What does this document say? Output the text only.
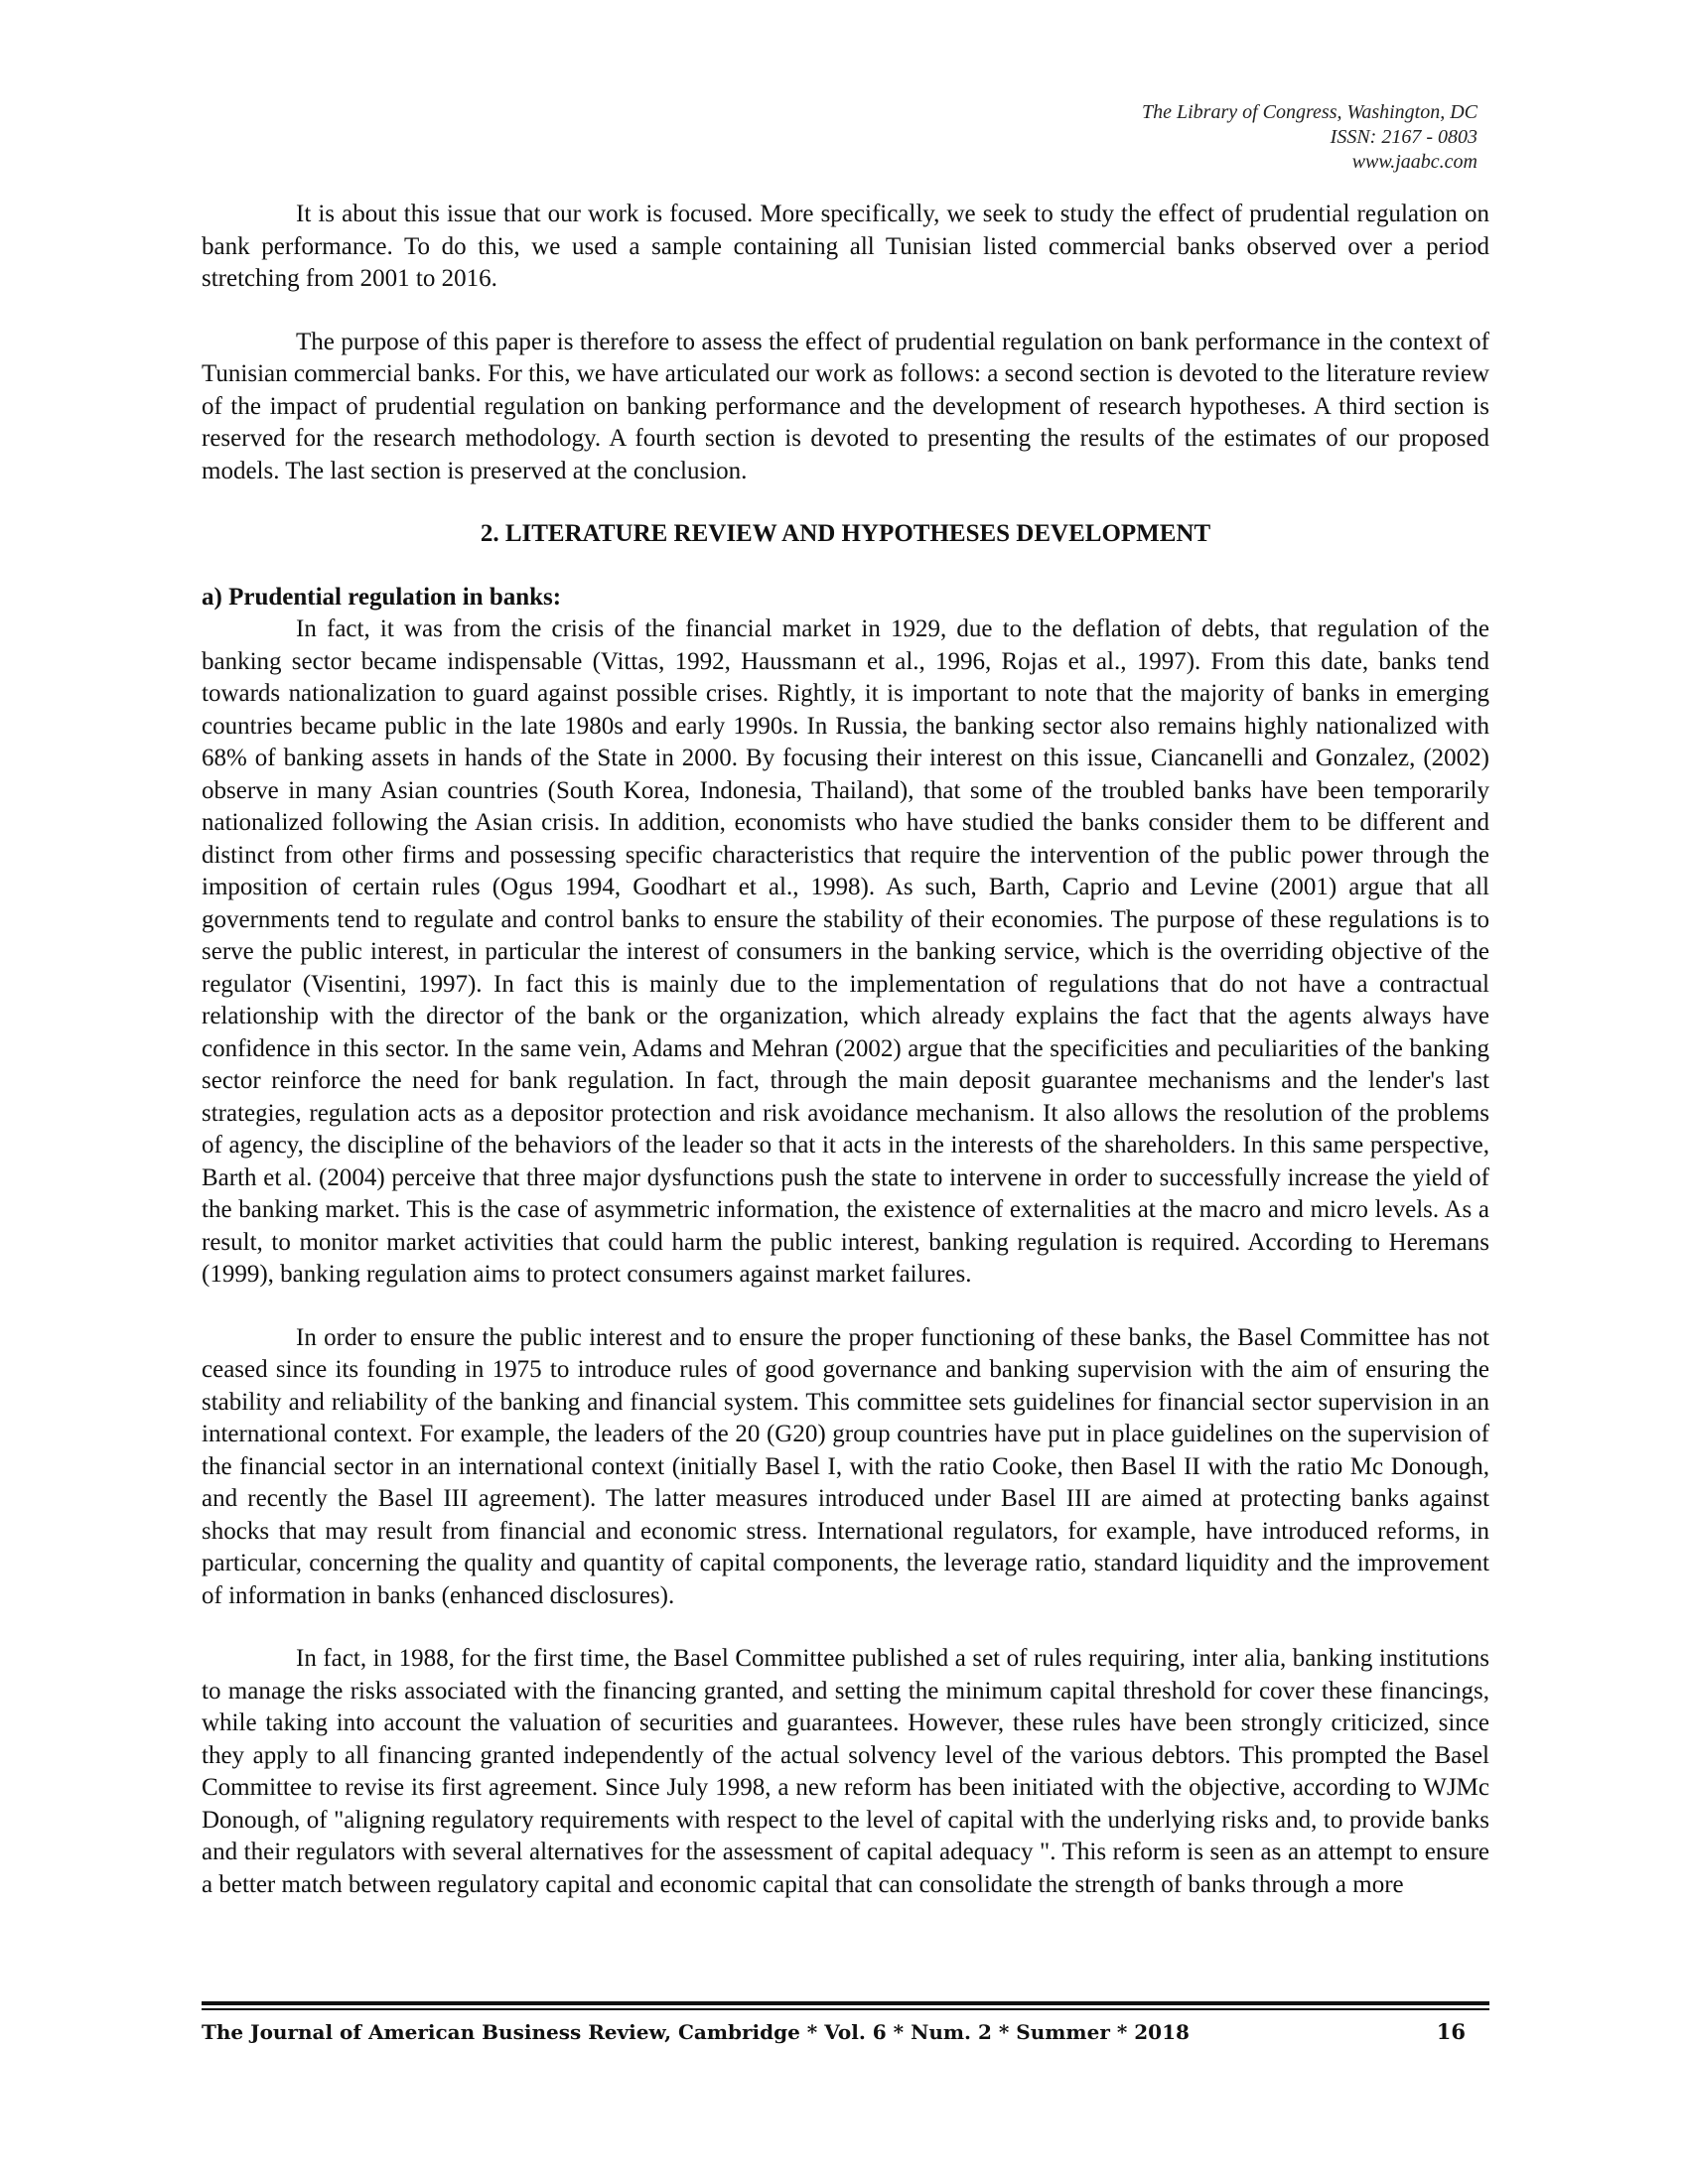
The Library of Congress, Washington, DC
ISSN: 2167 - 0803
www.jaabc.com

It is about this issue that our work is focused. More specifically, we seek to study the effect of prudential regulation on bank performance. To do this, we used a sample containing all Tunisian listed commercial banks observed over a period stretching from 2001 to 2016.

The purpose of this paper is therefore to assess the effect of prudential regulation on bank performance in the context of Tunisian commercial banks. For this, we have articulated our work as follows: a second section is devoted to the literature review of the impact of prudential regulation on banking performance and the development of research hypotheses. A third section is reserved for the research methodology. A fourth section is devoted to presenting the results of the estimates of our proposed models. The last section is preserved at the conclusion.

2. LITERATURE REVIEW AND HYPOTHESES DEVELOPMENT

a) Prudential regulation in banks:

In fact, it was from the crisis of the financial market in 1929, due to the deflation of debts, that regulation of the banking sector became indispensable (Vittas, 1992, Haussmann et al., 1996, Rojas et al., 1997). From this date, banks tend towards nationalization to guard against possible crises. Rightly, it is important to note that the majority of banks in emerging countries became public in the late 1980s and early 1990s. In Russia, the banking sector also remains highly nationalized with 68% of banking assets in hands of the State in 2000. By focusing their interest on this issue, Ciancanelli and Gonzalez, (2002) observe in many Asian countries (South Korea, Indonesia, Thailand), that some of the troubled banks have been temporarily nationalized following the Asian crisis. In addition, economists who have studied the banks consider them to be different and distinct from other firms and possessing specific characteristics that require the intervention of the public power through the imposition of certain rules (Ogus 1994, Goodhart et al., 1998). As such, Barth, Caprio and Levine (2001) argue that all governments tend to regulate and control banks to ensure the stability of their economies. The purpose of these regulations is to serve the public interest, in particular the interest of consumers in the banking service, which is the overriding objective of the regulator (Visentini, 1997). In fact this is mainly due to the implementation of regulations that do not have a contractual relationship with the director of the bank or the organization, which already explains the fact that the agents always have confidence in this sector. In the same vein, Adams and Mehran (2002) argue that the specificities and peculiarities of the banking sector reinforce the need for bank regulation. In fact, through the main deposit guarantee mechanisms and the lender's last strategies, regulation acts as a depositor protection and risk avoidance mechanism. It also allows the resolution of the problems of agency, the discipline of the behaviors of the leader so that it acts in the interests of the shareholders. In this same perspective, Barth et al. (2004) perceive that three major dysfunctions push the state to intervene in order to successfully increase the yield of the banking market. This is the case of asymmetric information, the existence of externalities at the macro and micro levels. As a result, to monitor market activities that could harm the public interest, banking regulation is required. According to Heremans (1999), banking regulation aims to protect consumers against market failures.

In order to ensure the public interest and to ensure the proper functioning of these banks, the Basel Committee has not ceased since its founding in 1975 to introduce rules of good governance and banking supervision with the aim of ensuring the stability and reliability of the banking and financial system. This committee sets guidelines for financial sector supervision in an international context. For example, the leaders of the 20 (G20) group countries have put in place guidelines on the supervision of the financial sector in an international context (initially Basel I, with the ratio Cooke, then Basel II with the ratio Mc Donough, and recently the Basel III agreement). The latter measures introduced under Basel III are aimed at protecting banks against shocks that may result from financial and economic stress. International regulators, for example, have introduced reforms, in particular, concerning the quality and quantity of capital components, the leverage ratio, standard liquidity and the improvement of information in banks (enhanced disclosures).

In fact, in 1988, for the first time, the Basel Committee published a set of rules requiring, inter alia, banking institutions to manage the risks associated with the financing granted, and setting the minimum capital threshold for cover these financings, while taking into account the valuation of securities and guarantees. However, these rules have been strongly criticized, since they apply to all financing granted independently of the actual solvency level of the various debtors. This prompted the Basel Committee to revise its first agreement. Since July 1998, a new reform has been initiated with the objective, according to WJMc Donough, of "aligning regulatory requirements with respect to the level of capital with the underlying risks and, to provide banks and their regulators with several alternatives for the assessment of capital adequacy ". This reform is seen as an attempt to ensure a better match between regulatory capital and economic capital that can consolidate the strength of banks through a more

The Journal of American Business Review, Cambridge * Vol. 6 * Num. 2 * Summer * 2018	16
